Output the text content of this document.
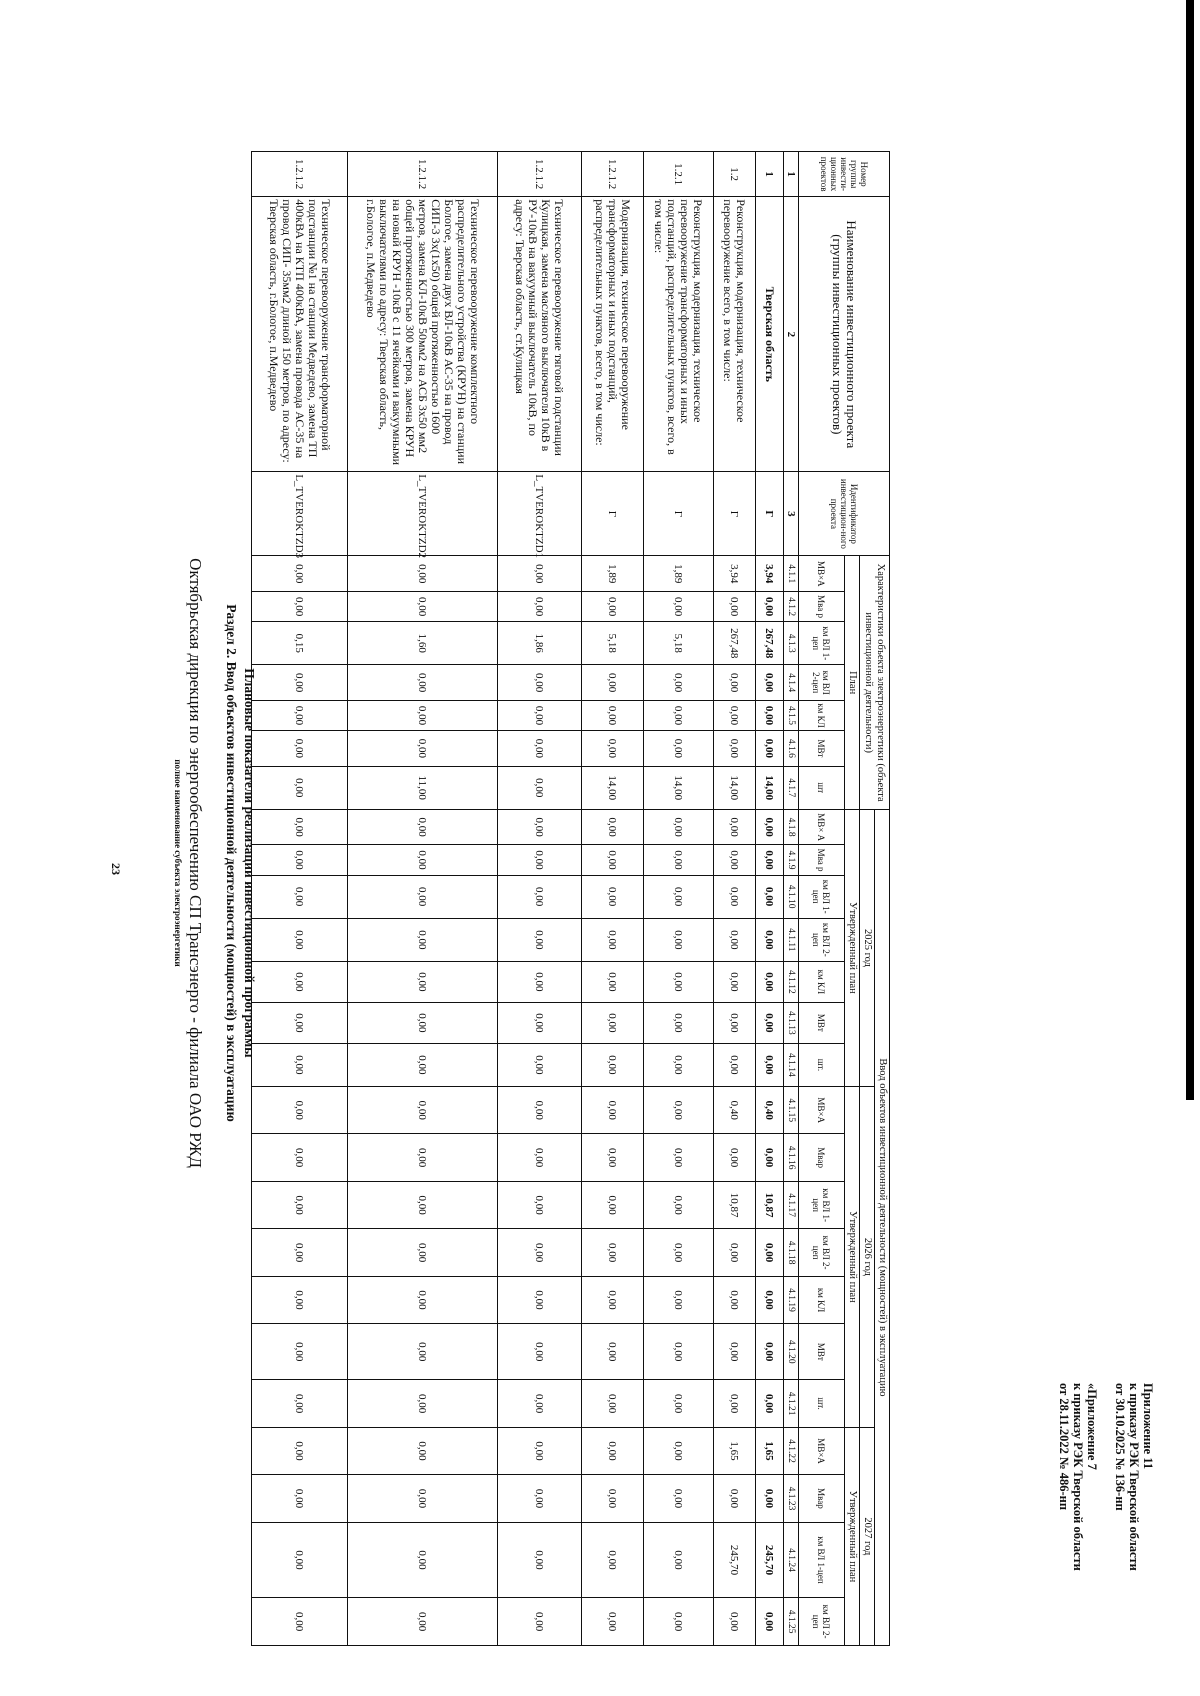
23
Приложение 11
к приказу РЭК Тверской области
от 30.10.2025 № 136-нп
«Приложение 7
к приказу РЭК Тверской области
от 28.11.2022 № 486-нп
Плановые показатели реализации инвестиционной программы
Раздел 2. Ввод объектов инвестиционной деятельности (мощностей) в эксплуатацию
Октябрьская дирекция по энергообеспечению СП Трансэнерго - филиала ОАО РЖД
полное наименование субъекта электроэнергетики
Номер группы инвести-ционных проектов	Наименование инвестиционного проекта (группы инвестиционных проектов)	Идентификатор инвестицион-ного проекта	Характеристики объекта электроэнергетики (объекта инвестиционной деятельности)							Ввод объектов инвестиционной деятельности (мощностей) в эксплуатацию																	
										2025 год							2026 год							2027 год			
			План							Утвержденный план							Утвержденный план							Утвержденный план			

			МВ×А	Мва р	км ВЛ 1-цеп	км ВЛ 2-цеп	км КЛ	МВт	шт	МВ× А	Мва р	км ВЛ 1-цеп	км ВЛ 2-цеп	км КЛ	МВт	шт.	МВ×А	Мвар	км ВЛ 1-цеп	км ВЛ 2-цеп	км КЛ	МВт	шт.	МВ×А	Мвар	км ВЛ 1-цеп	км ВЛ 2-цеп
1	2	3	4.1.1	4.1.2	4.1.3	4.1.4	4.1.5	4.1.6	4.1.7	4.1.8	4.1.9	4.1.10	4.1.11	4.1.12	4.1.13	4.1.14	4.1.15	4.1.16	4.1.17	4.1.18	4.1.19	4.1.20	4.1.21	4.1.22	4.1.23	4.1.24	4.1.25
1	Тверская область	Г	3,94	0,00	267,48	0,00	0,00	0,00	14,00	0,00	0,00	0,00	0,00	0,00	0,00	0,00	0,40	0,00	10,87	0,00	0,00	0,00	0,00	1,65	0,00	245,70	0,00
1.2	Реконструкция, модернизация, техническое перевооружение всего, в том числе:	Г	3,94	0,00	267,48	0,00	0,00	0,00	14,00	0,00	0,00	0,00	0,00	0,00	0,00	0,00	0,40	0,00	10,87	0,00	0,00	0,00	0,00	1,65	0,00	245,70	0,00
1.2.1	Реконструкция, модернизация, техническое перевооружение трансформаторных и иных подстанций, распределительных пунктов, всего, в том числе:	Г	1,89	0,00	5,18	0,00	0,00	0,00	14,00	0,00	0,00	0,00	0,00	0,00	0,00	0,00	0,00	0,00	0,00	0,00	0,00	0,00	0,00	0,00	0,00	0,00	0,00
1.2.1.2	Модернизация, техническое перевооружение трансформаторных и иных подстанций, распределительных пунктов, всего, в том числе:	Г	1,89	0,00	5,18	0,00	0,00	0,00	14,00	0,00	0,00	0,00	0,00	0,00	0,00	0,00	0,00	0,00	0,00	0,00	0,00	0,00	0,00	0,00	0,00	0,00	0,00
1.2.1.2	Техническое перевооружение тяговой подстанции Кулицкая, замена масляного выключателя 10кВ в РУ-10кВ на вакуумный выключатель 10кВ, по адресу: Тверская область, ст.Кулицкая	L_TVEROKTZD1	0,00	0,00	1,86	0,00	0,00	0,00	0,00	0,00	0,00	0,00	0,00	0,00	0,00	0,00	0,00	0,00	0,00	0,00	0,00	0,00	0,00	0,00	0,00	0,00	0,00
1.2.1.2	Техническое перевооружение комплектного распределительного устройства (КРУН) на станции Бологое, замена двух ВЛ-10кВ АС-35 на провод СИП-3 3х(1х50) общей протяженностью 1600 метров, замена КЛ-10кВ 50мм2 на АСБ 3х50 мм2 общей протяженностью 300 метров, замена КРУН на новый КРУН -10кВ с 11 ячейками и вакуумными выключателями по адресу: Тверская область, г.Бологое, п.Медведево	L_TVEROKTZD2	0,00	0,00	1,60	0,00	0,00	0,00	11,00	0,00	0,00	0,00	0,00	0,00	0,00	0,00	0,00	0,00	0,00	0,00	0,00	0,00	0,00	0,00	0,00	0,00	0,00
1.2.1.2	Техническое перевооружение трансформаторной подстанции №1 на станции Медведево, замена ТП 400кВА на КТП 400кВА, замена провода АС-35 на провод СИП- 35мм2 длиной 150 метров, по адресу: Тверская область, г.Бологое, п.Медведево	L_TVEROKTZD3	0,00	0,00	0,15	0,00	0,00	0,00	0,00	0,00	0,00	0,00	0,00	0,00	0,00	0,00	0,00	0,00	0,00	0,00	0,00	0,00	0,00	0,00	0,00	0,00	0,00
